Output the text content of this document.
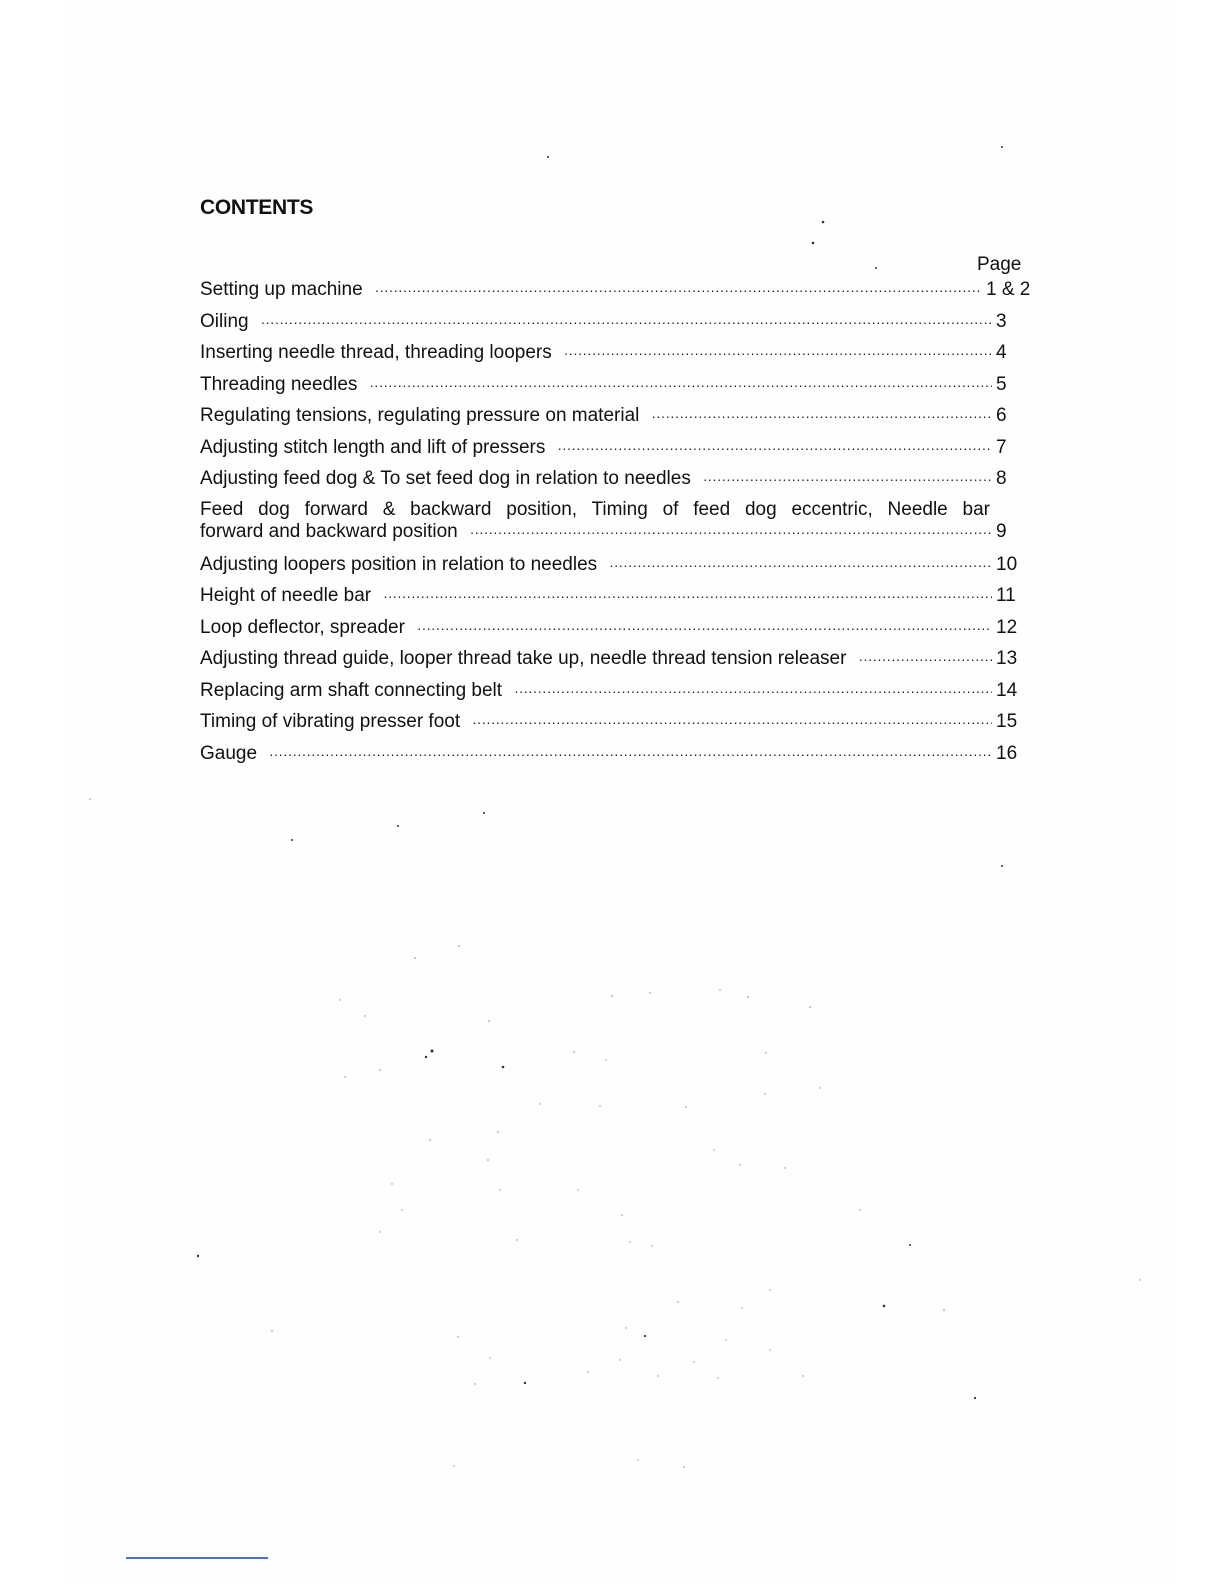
CONTENTS
Page
Setting up machine ·····	1 & 2
Oiling ·····	3
Inserting needle thread, threading loopers ·····	4
Threading needles ·····	5
Regulating tensions, regulating pressure on material ·····	6
Adjusting stitch length and lift of pressers ·····	7
Adjusting feed dog & To set feed dog in relation to needles ·····	8
Feed dog forward & backward position, Timing of feed dog eccentric, Needle bar
forward and backward position ·····	9
Adjusting loopers position in relation to needles ·····	10
Height of needle bar ·····	11
Loop deflector, spreader ·····	12
Adjusting thread guide, looper thread take up, needle thread tension releaser ·····	13
Replacing arm shaft connecting belt ·····	14
Timing of vibrating presser foot ·····	15
Gauge ·····	16
